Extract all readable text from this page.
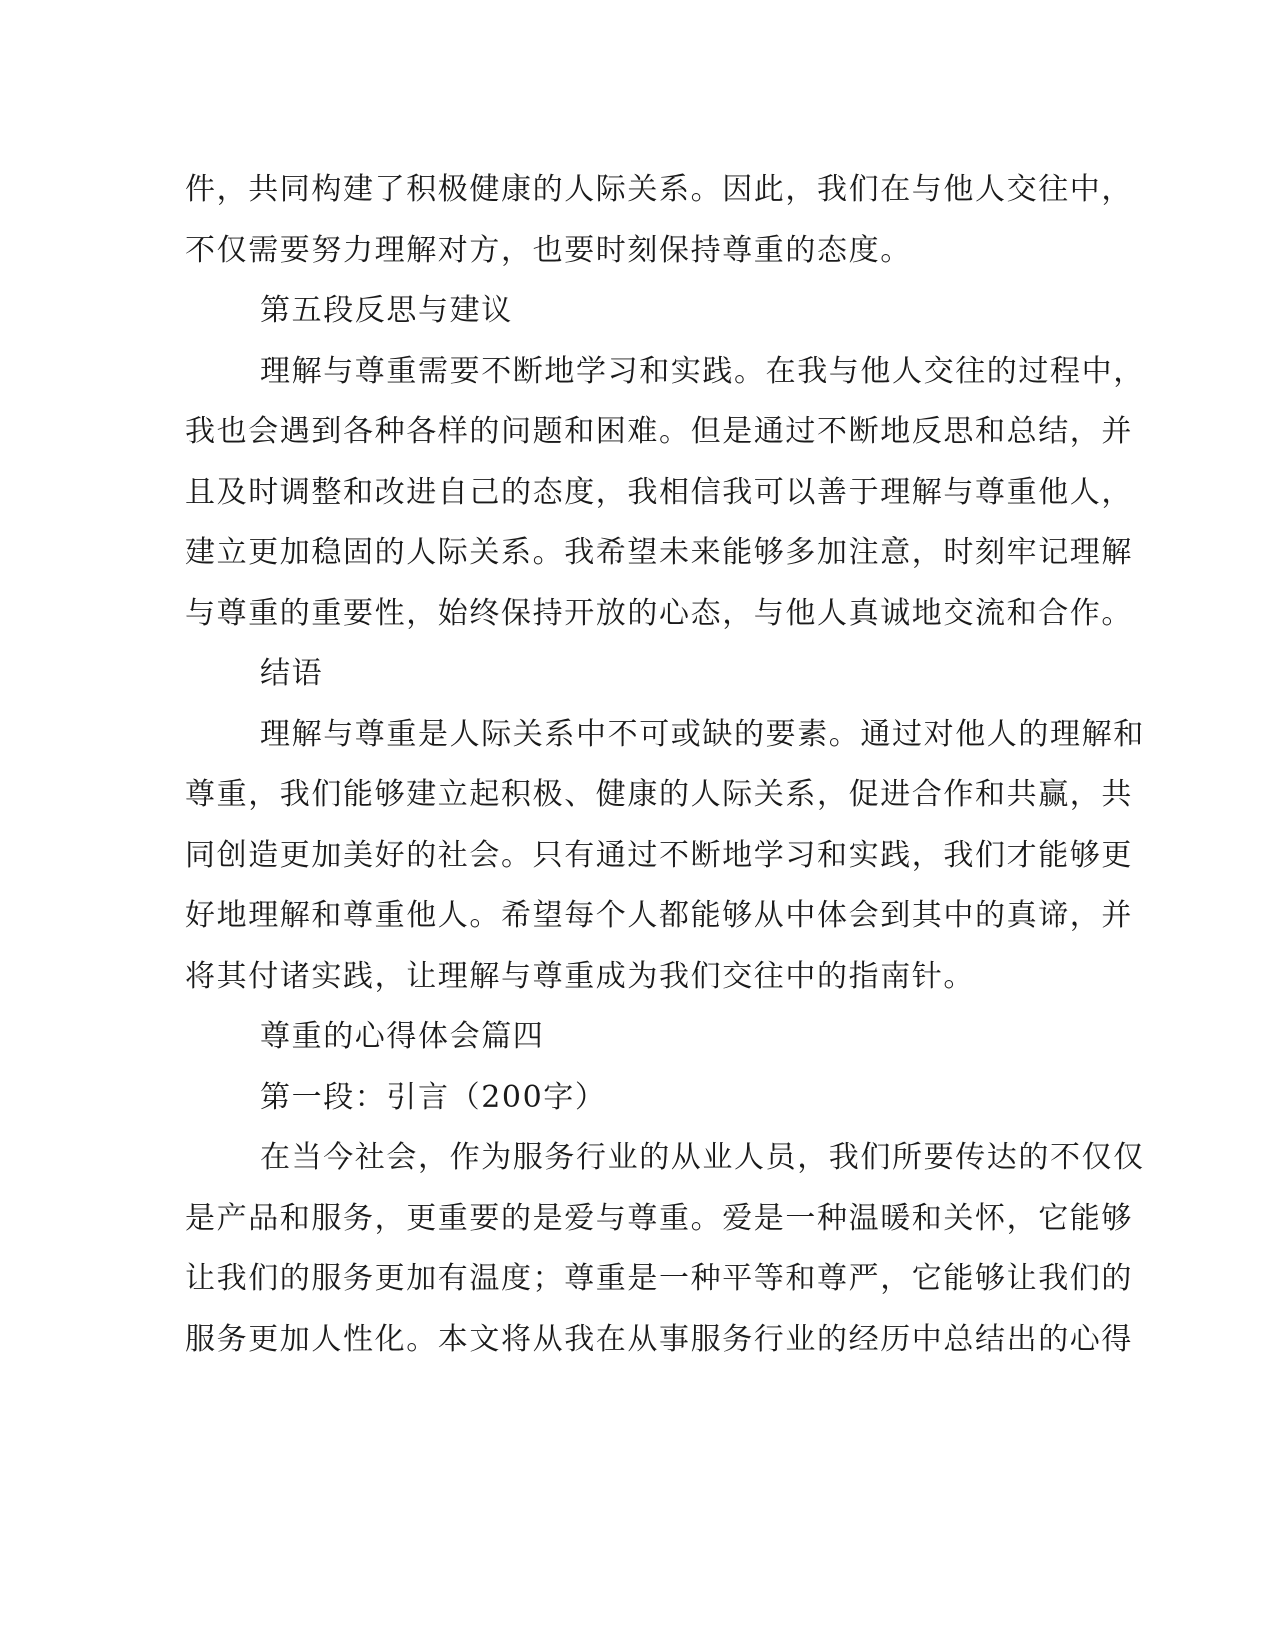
件，共同构建了积极健康的人际关系。因此，我们在与他人交往中，
不仅需要努力理解对方，也要时刻保持尊重的态度。
第五段反思与建议
理解与尊重需要不断地学习和实践。在我与他人交往的过程中，
我也会遇到各种各样的问题和困难。但是通过不断地反思和总结，并
且及时调整和改进自己的态度，我相信我可以善于理解与尊重他人，
建立更加稳固的人际关系。我希望未来能够多加注意，时刻牢记理解
与尊重的重要性，始终保持开放的心态，与他人真诚地交流和合作。
结语
理解与尊重是人际关系中不可或缺的要素。通过对他人的理解和
尊重，我们能够建立起积极、健康的人际关系，促进合作和共赢，共
同创造更加美好的社会。只有通过不断地学习和实践，我们才能够更
好地理解和尊重他人。希望每个人都能够从中体会到其中的真谛，并
将其付诸实践，让理解与尊重成为我们交往中的指南针。
尊重的心得体会篇四
第一段：引言（200字）
在当今社会，作为服务行业的从业人员，我们所要传达的不仅仅
是产品和服务，更重要的是爱与尊重。爱是一种温暖和关怀，它能够
让我们的服务更加有温度；尊重是一种平等和尊严，它能够让我们的
服务更加人性化。本文将从我在从事服务行业的经历中总结出的心得
